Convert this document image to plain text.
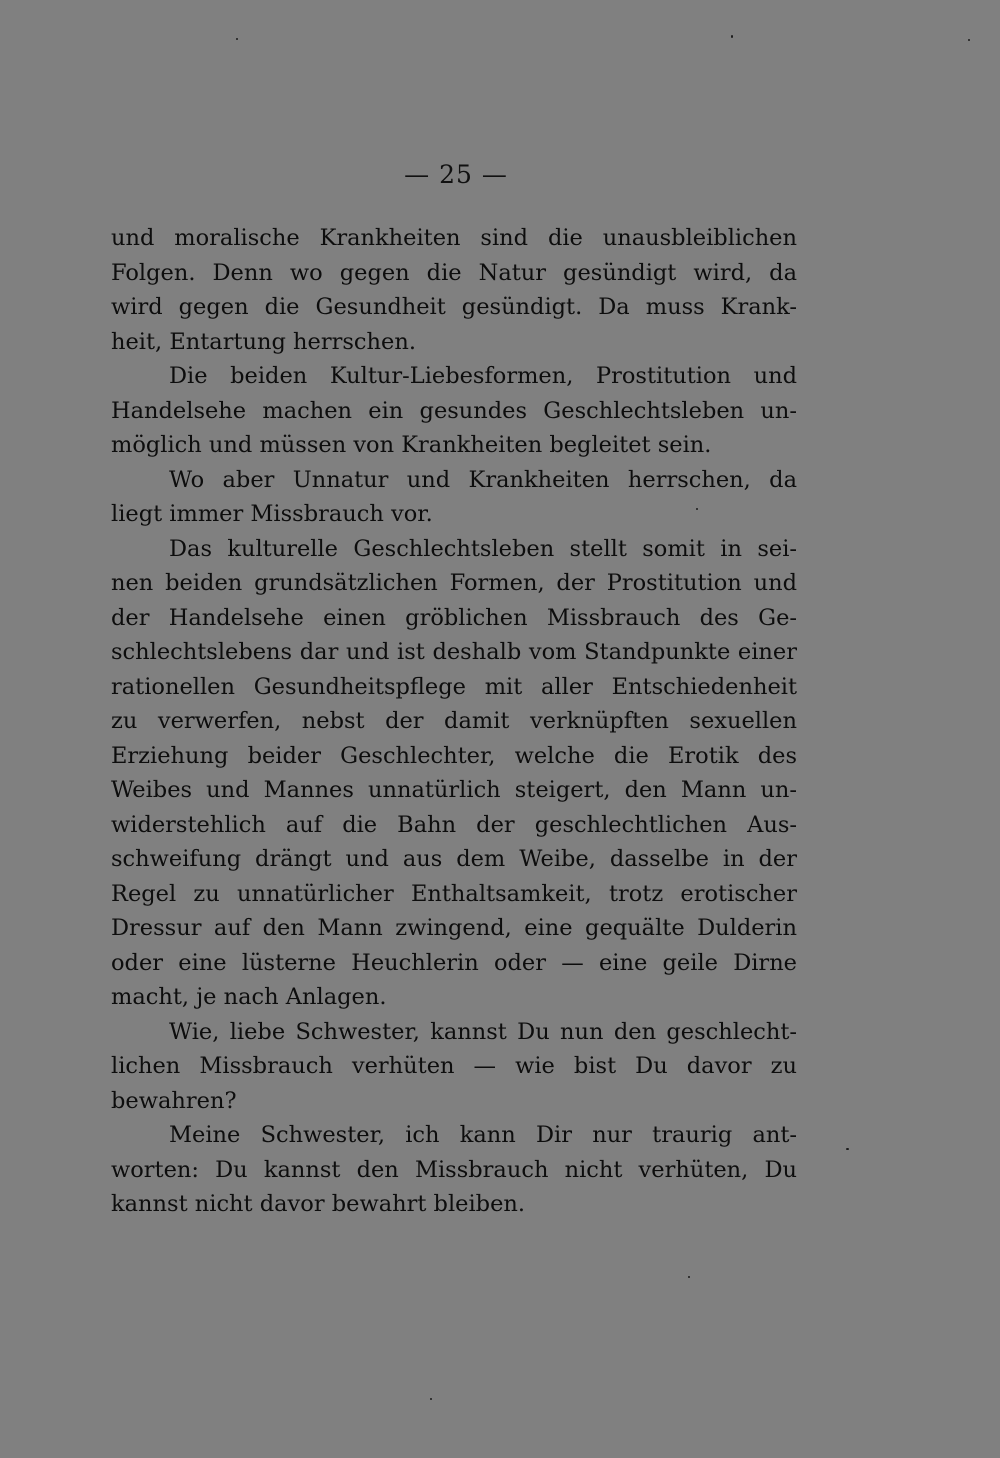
— 25 —
und moralische Krankheiten sind die unausbleiblichen
Folgen. Denn wo gegen die Natur gesündigt wird, da
wird gegen die Gesundheit gesündigt. Da muss Krank-
heit, Entartung herrschen.
Die beiden Kultur-Liebesformen, Prostitution und
Handelsehe machen ein gesundes Geschlechtsleben un-
möglich und müssen von Krankheiten begleitet sein.
Wo aber Unnatur und Krankheiten herrschen, da
liegt immer Missbrauch vor.
Das kulturelle Geschlechtsleben stellt somit in sei-
nen beiden grundsätzlichen Formen, der Prostitution und
der Handelsehe einen gröblichen Missbrauch des Ge-
schlechtslebens dar und ist deshalb vom Standpunkte einer
rationellen Gesundheitspflege mit aller Entschiedenheit
zu verwerfen, nebst der damit verknüpften sexuellen
Erziehung beider Geschlechter, welche die Erotik des
Weibes und Mannes unnatürlich steigert, den Mann un-
widerstehlich auf die Bahn der geschlechtlichen Aus-
schweifung drängt und aus dem Weibe, dasselbe in der
Regel zu unnatürlicher Enthaltsamkeit, trotz erotischer
Dressur auf den Mann zwingend, eine gequälte Dulderin
oder eine lüsterne Heuchlerin oder — eine geile Dirne
macht, je nach Anlagen.
Wie, liebe Schwester, kannst Du nun den geschlecht-
lichen Missbrauch verhüten — wie bist Du davor zu
bewahren?
Meine Schwester, ich kann Dir nur traurig ant-
worten: Du kannst den Missbrauch nicht verhüten, Du
kannst nicht davor bewahrt bleiben.
